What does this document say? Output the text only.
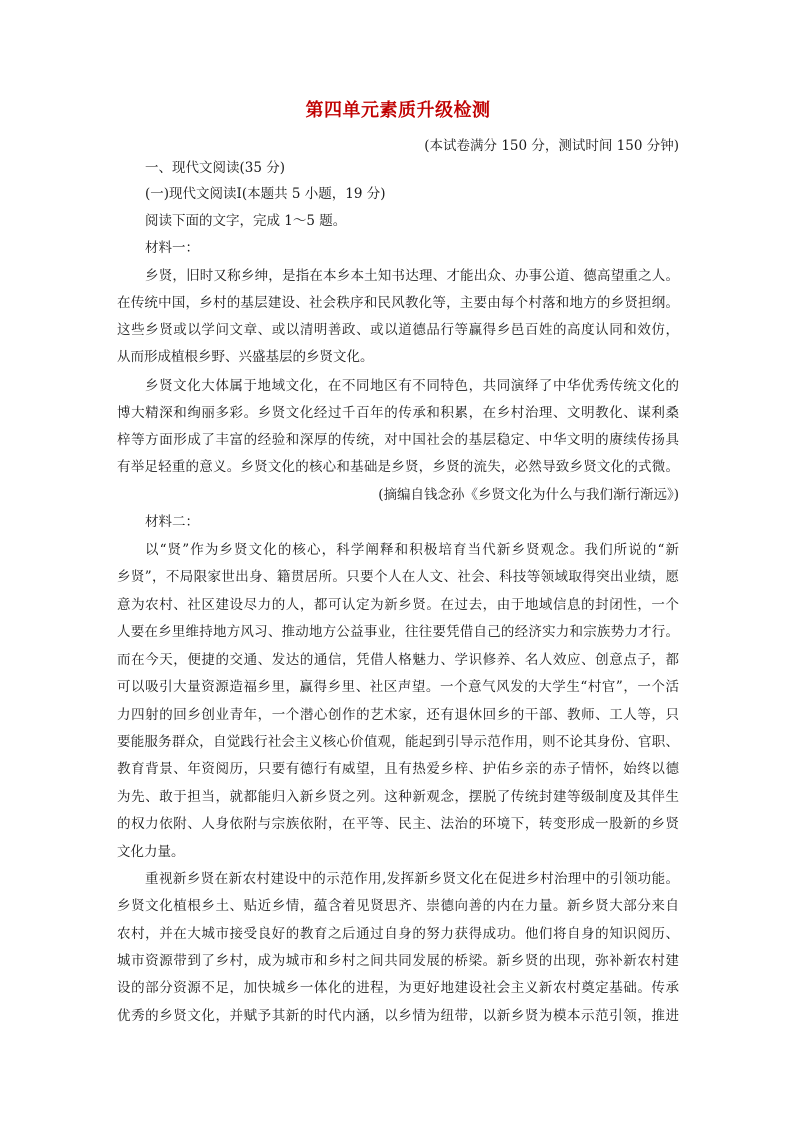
第四单元素质升级检测
(本试卷满分 150 分，测试时间 150 分钟)
一、现代文阅读(35 分)
(一)现代文阅读Ⅰ(本题共 5 小题，19 分)
阅读下面的文字，完成 1～5 题。
材料一：
乡贤，旧时又称乡绅，是指在本乡本土知书达理、才能出众、办事公道、德高望重之人。
在传统中国，乡村的基层建设、社会秩序和民风教化等，主要由每个村落和地方的乡贤担纲。
这些乡贤或以学问文章、或以清明善政、或以道德品行等赢得乡邑百姓的高度认同和效仿，
从而形成植根乡野、兴盛基层的乡贤文化。
乡贤文化大体属于地域文化，在不同地区有不同特色，共同演绎了中华优秀传统文化的
博大精深和绚丽多彩。乡贤文化经过千百年的传承和积累，在乡村治理、文明教化、谋利桑
梓等方面形成了丰富的经验和深厚的传统，对中国社会的基层稳定、中华文明的赓续传扬具
有举足轻重的意义。乡贤文化的核心和基础是乡贤，乡贤的流失，必然导致乡贤文化的式微。
(摘编自钱念孙《乡贤文化为什么与我们渐行渐远》)
材料二：
以“贤”作为乡贤文化的核心，科学阐释和积极培育当代新乡贤观念。我们所说的“新
乡贤”，不局限家世出身、籍贯居所。只要个人在人文、社会、科技等领域取得突出业绩，愿
意为农村、社区建设尽力的人，都可认定为新乡贤。在过去，由于地域信息的封闭性，一个
人要在乡里维持地方风习、推动地方公益事业，往往要凭借自己的经济实力和宗族势力才行。
而在今天，便捷的交通、发达的通信，凭借人格魅力、学识修养、名人效应、创意点子，都
可以吸引大量资源造福乡里，赢得乡里、社区声望。一个意气风发的大学生“村官”，一个活
力四射的回乡创业青年，一个潜心创作的艺术家，还有退休回乡的干部、教师、工人等，只
要能服务群众，自觉践行社会主义核心价值观，能起到引导示范作用，则不论其身份、官职、
教育背景、年资阅历，只要有德行有威望，且有热爱乡梓、护佑乡亲的赤子情怀，始终以德
为先、敢于担当，就都能归入新乡贤之列。这种新观念，摆脱了传统封建等级制度及其伴生
的权力依附、人身依附与宗族依附，在平等、民主、法治的环境下，转变形成一股新的乡贤
文化力量。
重视新乡贤在新农村建设中的示范作用,发挥新乡贤文化在促进乡村治理中的引领功能。
乡贤文化植根乡土、贴近乡情，蕴含着见贤思齐、崇德向善的内在力量。新乡贤大部分来自
农村，并在大城市接受良好的教育之后通过自身的努力获得成功。他们将自身的知识阅历、
城市资源带到了乡村，成为城市和乡村之间共同发展的桥梁。新乡贤的出现，弥补新农村建
设的部分资源不足，加快城乡一体化的进程，为更好地建设社会主义新农村奠定基础。传承
优秀的乡贤文化，并赋予其新的时代内涵，以乡情为纽带，以新乡贤为模本示范引领，推进
